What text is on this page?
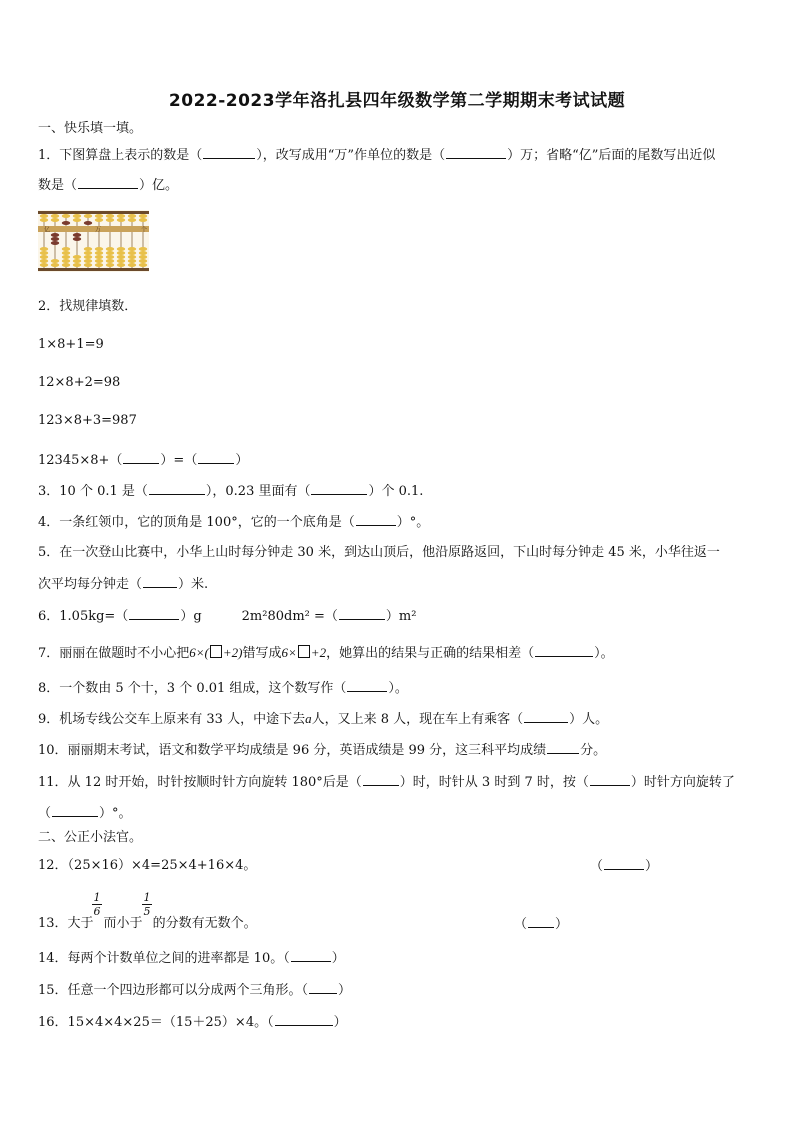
2022-2023学年洛扎县四年级数学第二学期期末考试试题
一、快乐填一填。
1．下图算盘上表示的数是（	），改写成用“万”作单位的数是（	）万；省略“亿”后面的尾数写出近似
数是（	）亿。
亿	万	个
2．找规律填数．
1×8+1=9
12×8+2=98
123×8+3=987
12345×8+（	）=（	）
3．10 个 0.1 是（	），0.23 里面有（	）个 0.1.
4．一条红领巾，它的顶角是 100°，它的一个底角是（	）°。
5．在一次登山比赛中，小华上山时每分钟走 30 米，到达山顶后，他沿原路返回，下山时每分钟走 45 米，小华往返一
次平均每分钟走（	）米.
6．1.05kg=（	）g	2m²80dm² =（	）m²
7．丽丽在做题时不小心把6×( +2)错写成6× +2，她算出的结果与正确的结果相差（	）。
8．一个数由 5 个十，3 个 0.01 组成，这个数写作（	）。
9．机场专线公交车上原来有 33 人，中途下去a人，又上来 8 人，现在车上有乘客（	）人。
10．丽丽期末考试，语文和数学平均成绩是 96 分，英语成绩是 99 分，这三科平均成绩	分。
11．从 12 时开始，时针按顺时针方向旋转 180°后是（	）时，时针从 3 时到 7 时，按（	）时针方向旋转了
（	）°。
二、公正小法官。
12．（25×16）×4=25×4+16×4。	（	）
1
6
1
5
13．大于 而小于 的分数有无数个。	（ ）
14．每两个计数单位之间的进率都是 10。（	）
15．任意一个四边形都可以分成两个三角形。（ ）
16．15×4×4×25＝（15＋25）×4。（	）
